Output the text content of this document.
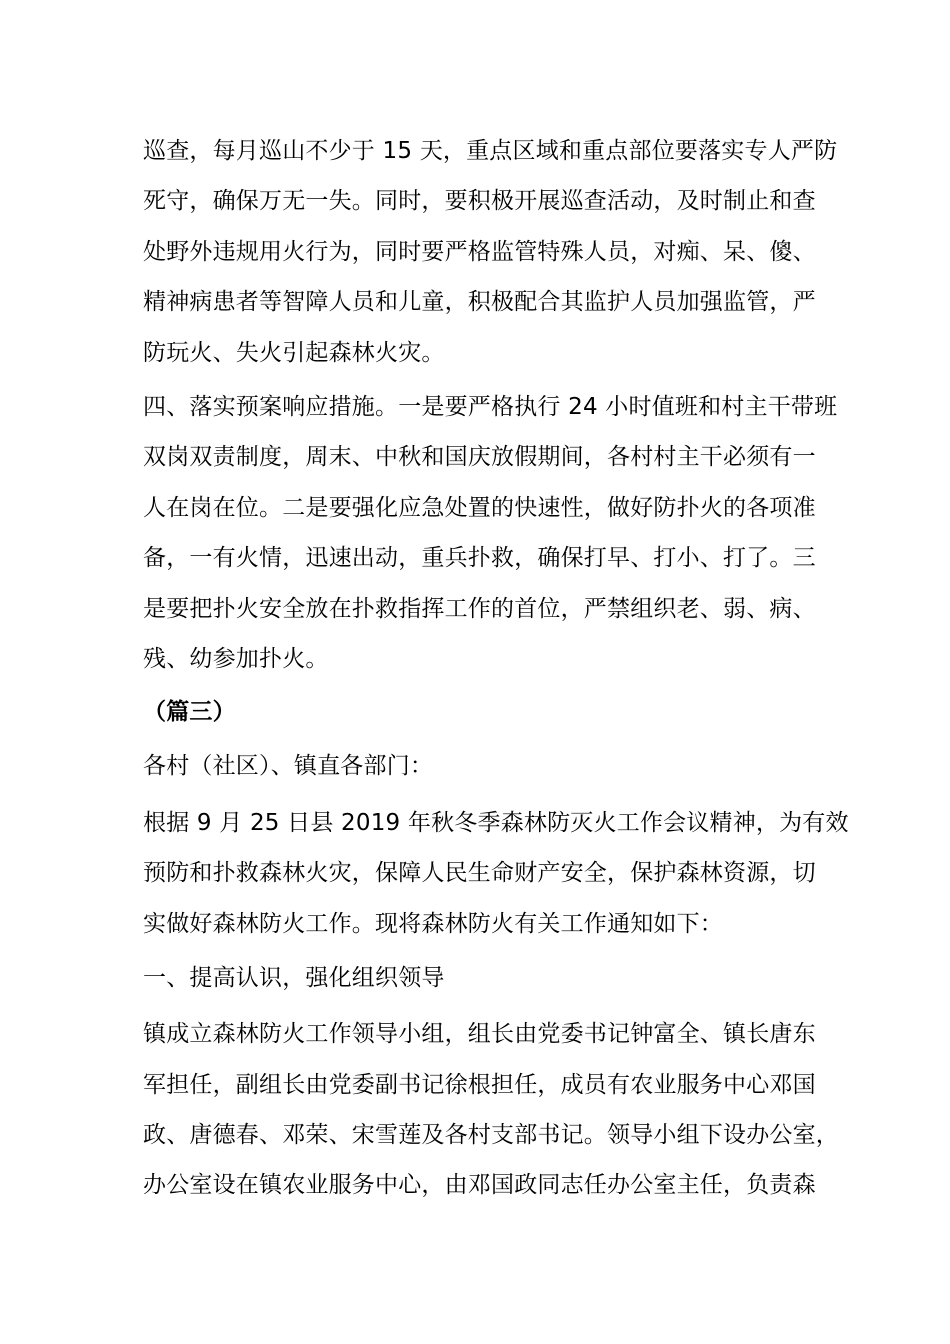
巡查，每月巡山不少于 15 天，重点区域和重点部位要落实专人严防
死守，确保万无一失。同时，要积极开展巡查活动，及时制止和查
处野外违规用火行为，同时要严格监管特殊人员，对痴、呆、傻、
精神病患者等智障人员和儿童，积极配合其监护人员加强监管，严
防玩火、失火引起森林火灾。
四、落实预案响应措施。一是要严格执行 24 小时值班和村主干带班
双岗双责制度，周末、中秋和国庆放假期间，各村村主干必须有一
人在岗在位。二是要强化应急处置的快速性，做好防扑火的各项准
备，一有火情，迅速出动，重兵扑救，确保打早、打小、打了。三
是要把扑火安全放在扑救指挥工作的首位，严禁组织老、弱、病、
残、幼参加扑火。
（篇三）
各村（社区）、镇直各部门：
根据 9 月 25 日县 2019 年秋冬季森林防灭火工作会议精神，为有效
预防和扑救森林火灾，保障人民生命财产安全，保护森林资源，切
实做好森林防火工作。现将森林防火有关工作通知如下：
一、提高认识，强化组织领导
镇成立森林防火工作领导小组，组长由党委书记钟富全、镇长唐东
军担任，副组长由党委副书记徐根担任，成员有农业服务中心邓国
政、唐德春、邓荣、宋雪莲及各村支部书记。领导小组下设办公室，
办公室设在镇农业服务中心，由邓国政同志任办公室主任，负责森
